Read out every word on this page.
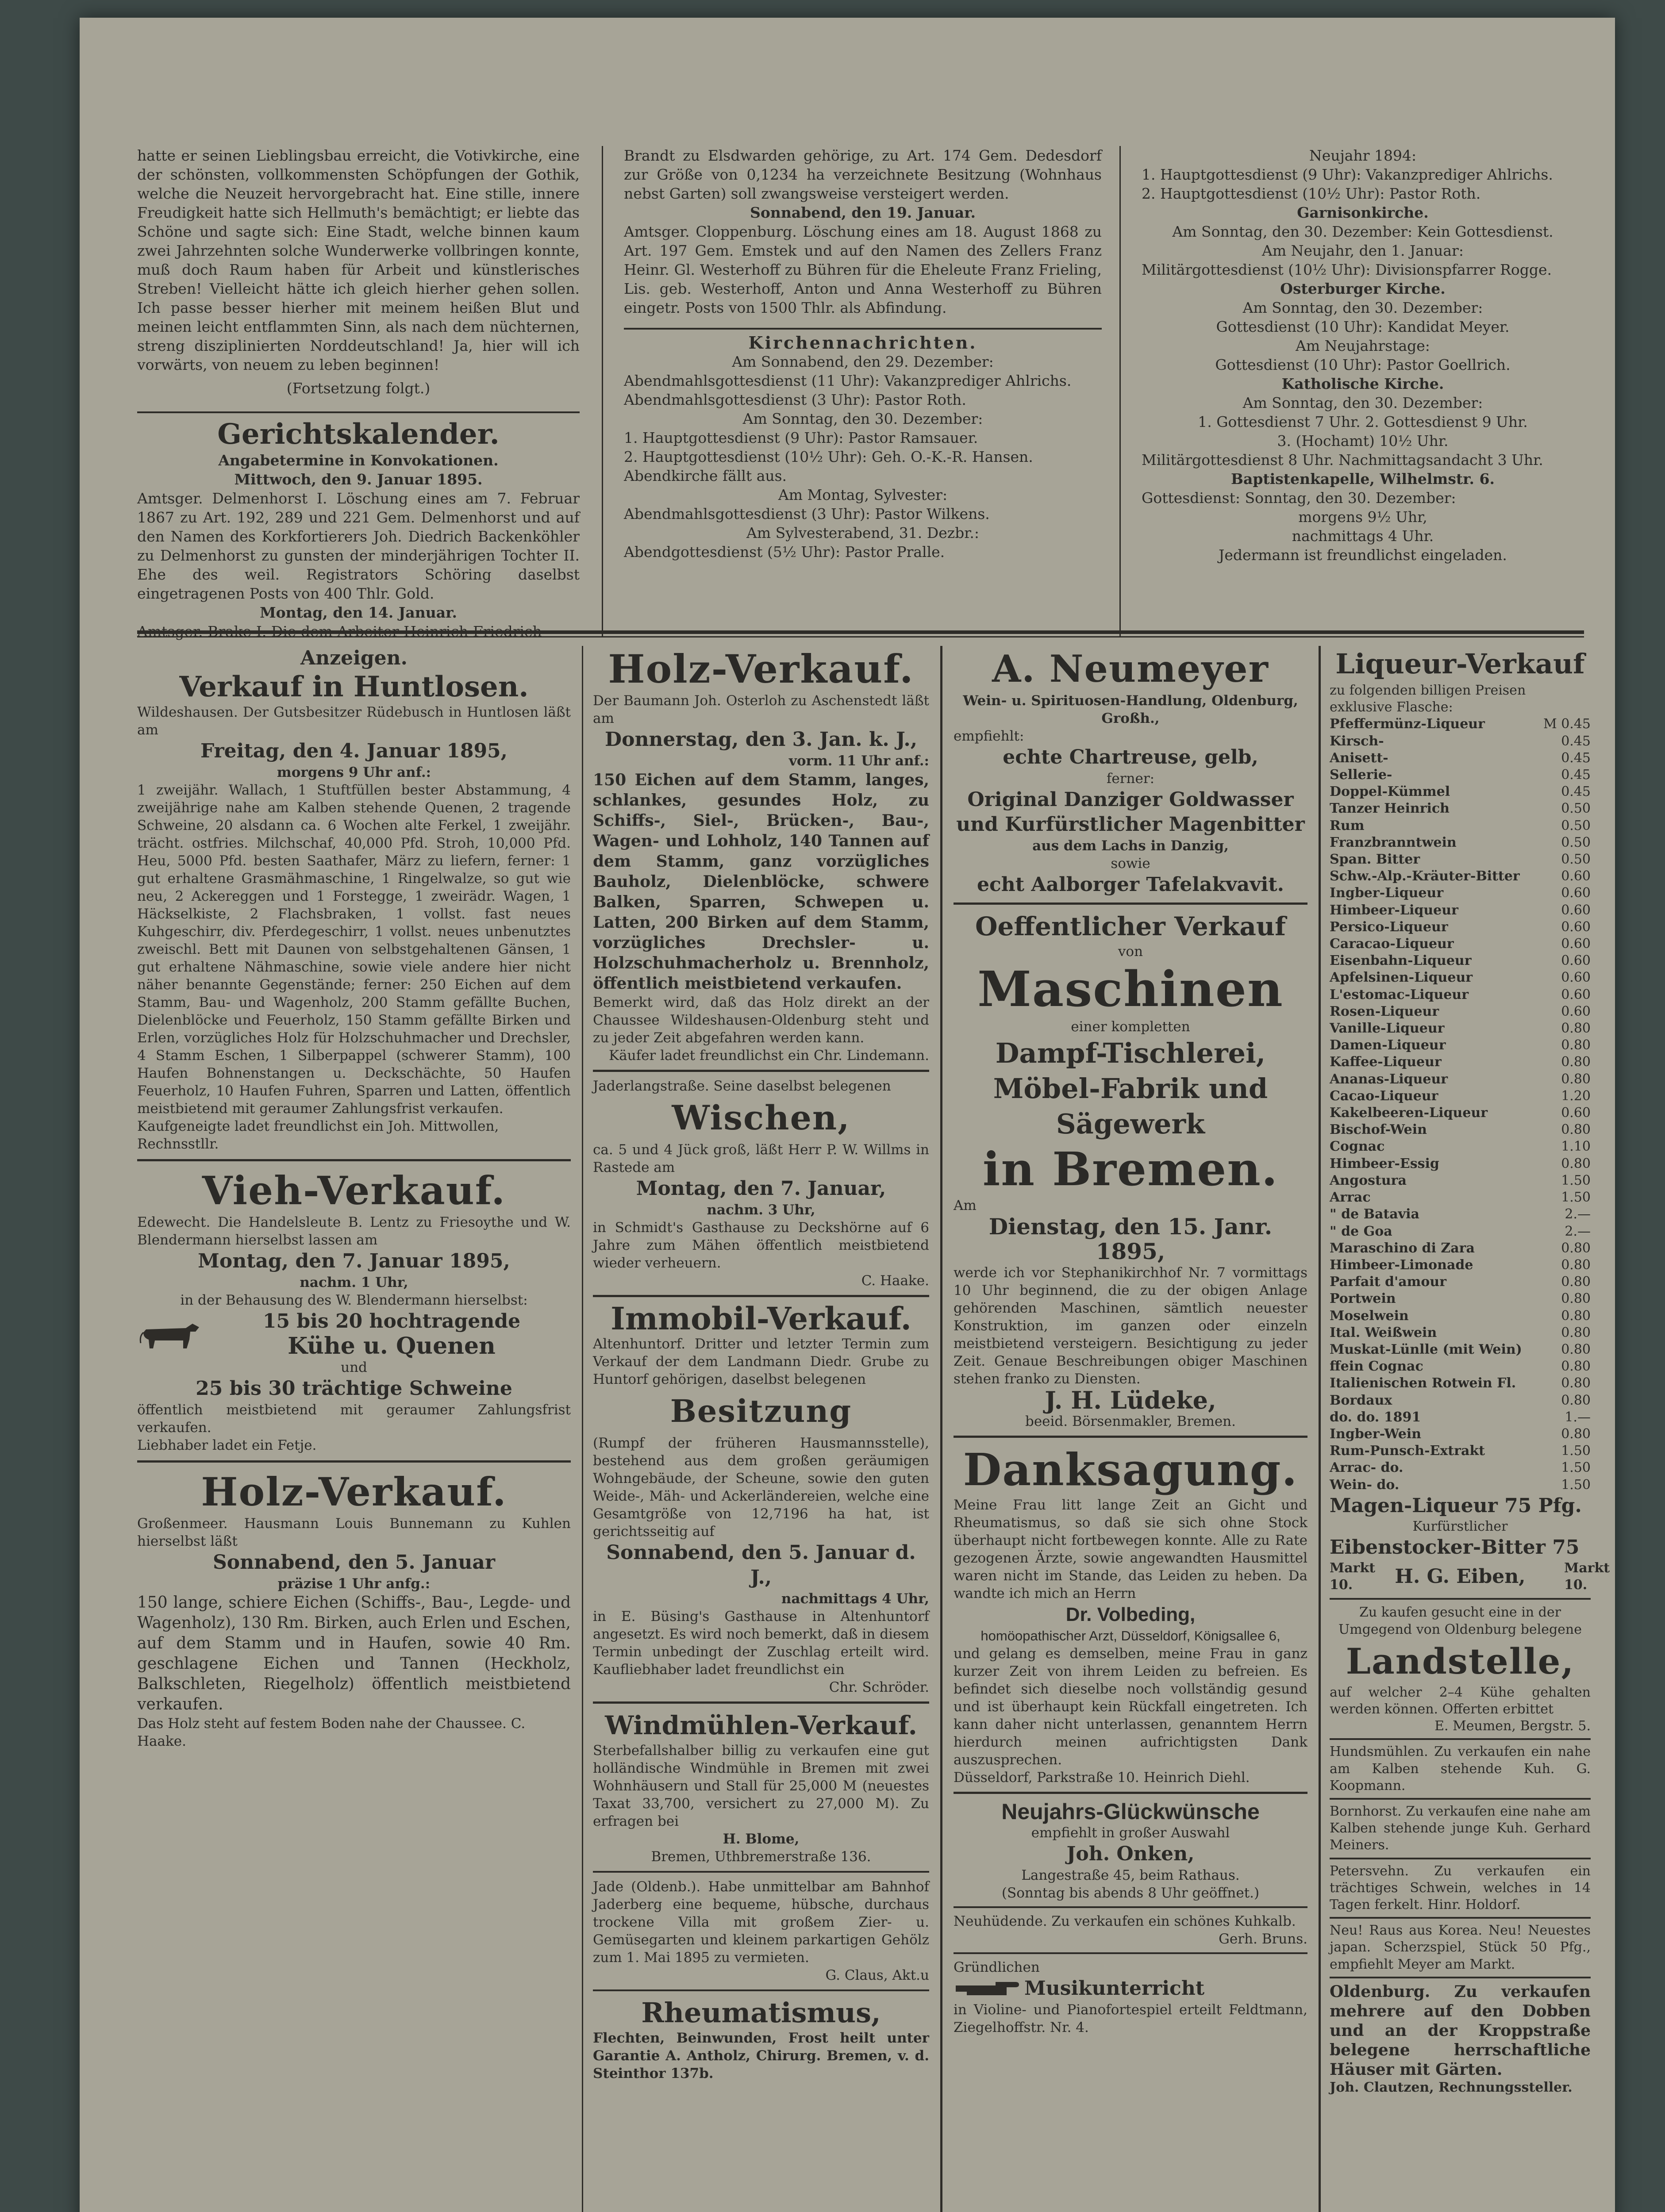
hatte er seinen Lieblingsbau erreicht, die Votivkirche, eine der schönsten, vollkommensten Schöpfungen der Gothik, welche die Neuzeit hervorgebracht hat. Eine stille, innere Freudigkeit hatte sich Hellmuth's bemächtigt; er liebte das Schöne und sagte sich: Eine Stadt, welche binnen kaum zwei Jahrzehnten solche Wunderwerke vollbringen konnte, muß doch Raum haben für Arbeit und künstlerisches Streben! Vielleicht hätte ich gleich hierher gehen sollen. Ich passe besser hierher mit meinem heißen Blut und meinen leicht entflammten Sinn, als nach dem nüchternen, streng disziplinierten Norddeutschland! Ja, hier will ich vorwärts, von neuem zu leben beginnen!

(Fortsetzung folgt.)

Gerichtskalender.

Angabetermine in Konvokationen.

Mittwoch, den 9. Januar 1895.

Amtsger. Delmenhorst I. Löschung eines am 7. Februar 1867 zu Art. 192, 289 und 221 Gem. Delmenhorst und auf den Namen des Korkfortierers Joh. Diedrich Backenköhler zu Delmenhorst zu gunsten der minderjährigen Tochter II. Ehe des weil. Registrators Schöring daselbst eingetragenen Posts von 400 Thlr. Gold.

Montag, den 14. Januar.

Brandt zu Elsdwarden gehörige, zu Art. 174 Gem. Dedesdorf zur Größe von 0,1234 ha verzeichnete Besitzung (Wohnhaus nebst Garten) soll zwangsweise versteigert werden.

Sonnabend, den 19. Januar.

Amtsger. Cloppenburg. Löschung eines am 18. August 1868 zu Art. 197 Gem. Emstek und auf den Namen des Zellers Franz Heinr. Gl. Westerhoff zu Bühren für die Eheleute Franz Frieling, Lis. geb. Westerhoff, Anton und Anna Westerhoff zu Bühren eingetr. Posts von 1500 Thlr. als Abfindung.

Kirchennachrichten.

Am Sonnabend, den 29. Dezember:

Abendmahlsgottesdienst (11 Uhr): Vakanzprediger Ahlrichs.

Abendmahlsgottesdienst (3 Uhr): Pastor Roth.

Am Sonntag, den 30. Dezember:

1. Hauptgottesdienst (9 Uhr): Pastor Ramsauer.

2. Hauptgottesdienst (10½ Uhr): Geh. O.-K.-R. Hansen.

Abendkirche fällt aus.

Am Montag, Sylvester:

Abendmahlsgottesdienst (3 Uhr): Pastor Wilkens.

Am Sylvesterabend, 31. Dezbr.:

Abendgottesdienst (5½ Uhr): Pastor Pralle.

Neujahr 1894:

1. Hauptgottesdienst (9 Uhr): Vakanzprediger Ahlrichs.

2. Hauptgottesdienst (10½ Uhr): Pastor Roth.

Garnisonkirche.

Am Sonntag, den 30. Dezember: Kein Gottesdienst.

Am Neujahr, den 1. Januar:

Militärgottesdienst (10½ Uhr): Divisionspfarrer Rogge.

Osterburger Kirche.

Am Sonntag, den 30. Dezember:

Gottesdienst (10 Uhr): Kandidat Meyer.

Am Neujahrstage:

Gottesdienst (10 Uhr): Pastor Goellrich.

Katholische Kirche.

Am Sonntag, den 30. Dezember:

1. Gottesdienst 7 Uhr. 2. Gottesdienst 9 Uhr.

3. (Hochamt) 10½ Uhr.

Militärgottesdienst 8 Uhr. Nachmittagsandacht 3 Uhr.

Baptistenkapelle, Wilhelmstr. 6.

Gottesdienst: Sonntag, den 30. Dezember:

morgens 9½ Uhr,

nachmittags 4 Uhr.

Jedermann ist freundlichst eingeladen.

Anzeigen.

Verkauf in Huntlosen.

Wildeshausen. Der Gutsbesitzer Rüdebusch in Huntlosen läßt am

Freitag, den 4. Januar 1895,

morgens 9 Uhr anf.:

1 zweijähr. Wallach, 1 Stuftfüllen bester Abstammung, 4 zweijährige nahe am Kalben stehende Quenen, 2 tragende Schweine, 20 alsdann ca. 6 Wochen alte Ferkel, 1 zweijähr. trächt. ostfries. Milchschaf, 40,000 Pfd. Stroh, 10,000 Pfd. Heu, 5000 Pfd. besten Saathafer, März zu liefern, ferner: 1 gut erhaltene Grasmähmaschine, 1 Ringelwalze, so gut wie neu, 2 Ackereggen und 1 Forstegge, 1 zweirädr. Wagen, 1 Häckselkiste, 2 Flachsbraken, 1 vollst. fast neues Kuhgeschirr, div. Pferdegeschirr, 1 vollst. neues unbenutztes zweischl. Bett mit Daunen von selbstgehaltenen Gänsen, 1 gut erhaltene Nähmaschine, sowie viele andere hier nicht näher benannte Gegenstände; ferner: 250 Eichen auf dem Stamm, Bau- und Wagenholz, 200 Stamm gefällte Buchen, Dielenblöcke und Feuerholz, 150 Stamm gefällte Birken und Erlen, vorzügliches Holz für Holzschuhmacher und Drechsler, 4 Stamm Eschen, 1 Silberpappel (schwerer Stamm), 100 Haufen Bohnenstangen u. Deckschächte, 50 Haufen Feuerholz, 10 Haufen Fuhren, Sparren und Latten, öffentlich meistbietend mit geraumer Zahlungsfrist verkaufen.

Kaufgeneigte ladet freundlichst ein Joh. Mittwollen, Rechnsstllr.

Vieh-Verkauf.

Edewecht. Die Handelsleute B. Lentz zu Friesoythe und W. Blendermann hierselbst lassen am

Montag, den 7. Januar 1895,

nachm. 1 Uhr,

in der Behausung des W. Blendermann hierselbst:

15 bis 20 hochtragende

Kühe u. Quenen

und

25 bis 30 trächtige Schweine

öffentlich meistbietend mit geraumer Zahlungsfrist verkaufen.

Liebhaber ladet ein Fetje.

Holz-Verkauf.

Großenmeer. Hausmann Louis Bunnemann zu Kuhlen hierselbst läßt

Sonnabend, den 5. Januar

präzise 1 Uhr anfg.:

150 lange, schiere Eichen (Schiffs-, Bau-, Legde- und Wagenholz), 130 Rm. Birken, auch Erlen und Eschen, auf dem Stamm und in Haufen, sowie 40 Rm. geschlagene Eichen und Tannen (Heckholz, Balkschleten, Riegelholz) öffentlich meistbietend verkaufen.

Das Holz steht auf festem Boden nahe der Chaussee. C. Haake.

Holz-Verkauf.

Der Baumann Joh. Osterloh zu Aschenstedt läßt am

Donnerstag, den 3. Jan. k. J.,

vorm. 11 Uhr anf.:

150 Eichen auf dem Stamm, langes, schlankes, gesundes Holz, zu Schiffs-, Siel-, Brücken-, Bau-, Wagen- und Lohholz, 140 Tannen auf dem Stamm, ganz vorzügliches Bauholz, Dielenblöcke, schwere Balken, Sparren, Schwepen u. Latten, 200 Birken auf dem Stamm, vorzügliches Drechsler- u. Holzschuhmacherholz u. Brennholz, öffentlich meistbietend verkaufen.

Bemerkt wird, daß das Holz direkt an der Chaussee Wildeshausen-Oldenburg steht und zu jeder Zeit abgefahren werden kann.

Käufer ladet freundlichst ein Chr. Lindemann.

Jaderlangstraße. Seine daselbst belegenen

Wischen,

ca. 5 und 4 Jück groß, läßt Herr P. W. Willms in Rastede am

Montag, den 7. Januar,

nachm. 3 Uhr,

in Schmidt's Gasthause zu Deckshörne auf 6 Jahre zum Mähen öffentlich meistbietend wieder verheuern.

C. Haake.

Immobil-Verkauf.

Altenhuntorf. Dritter und letzter Termin zum Verkauf der dem Landmann Diedr. Grube zu Huntorf gehörigen, daselbst belegenen

Besitzung

(Rumpf der früheren Hausmannsstelle), bestehend aus dem großen geräumigen Wohngebäude, der Scheune, sowie den guten Weide-, Mäh- und Ackerländereien, welche eine Gesamtgröße von 12,7196 ha hat, ist gerichtsseitig auf

Sonnabend, den 5. Januar d. J.,

nachmittags 4 Uhr,

in E. Büsing's Gasthause in Altenhuntorf angesetzt. Es wird noch bemerkt, daß in diesem Termin unbedingt der Zuschlag erteilt wird. Kaufliebhaber ladet freundlichst ein

Chr. Schröder.

Windmühlen-Verkauf.

Sterbefallshalber billig zu verkaufen eine gut holländische Windmühle in Bremen mit zwei Wohnhäusern und Stall für 25,000 M (neuestes Taxat 33,700, versichert zu 27,000 M). Zu erfragen bei

H. Blome,

Bremen, Uthbremerstraße 136.

Jade (Oldenb.). Habe unmittelbar am Bahnhof Jaderberg eine bequeme, hübsche, durchaus trockene Villa mit großem Zier- u. Gemüsegarten und kleinem parkartigen Gehölz zum 1. Mai 1895 zu vermieten.

G. Claus, Akt.u

Rheumatismus,

Flechten, Beinwunden, Frost heilt unter Garantie A. Antholz, Chirurg. Bremen, v. d. Steinthor 137b.

A. Neumeyer

Wein- u. Spirituosen-Handlung, Oldenburg, Großh.,

empfiehlt:

echte Chartreuse, gelb,

ferner:

Original Danziger Goldwasser und Kurfürstlicher Magenbitter

aus dem Lachs in Danzig,

sowie

echt Aalborger Tafelakvavit.

Oeffentlicher Verkauf

von

Maschinen

einer kompletten

Dampf-Tischlerei, Möbel-Fabrik und Sägewerk

in Bremen.

Am

Dienstag, den 15. Janr. 1895,

werde ich vor Stephanikirchhof Nr. 7 vormittags 10 Uhr beginnend, die zu der obigen Anlage gehörenden Maschinen, sämtlich neuester Konstruktion, im ganzen oder einzeln meistbietend versteigern. Besichtigung zu jeder Zeit. Genaue Beschreibungen obiger Maschinen stehen franko zu Diensten.

J. H. Lüdeke,

beeid. Börsenmakler, Bremen.

Danksagung.

Meine Frau litt lange Zeit an Gicht und Rheumatismus, so daß sie sich ohne Stock überhaupt nicht fortbewegen konnte. Alle zu Rate gezogenen Ärzte, sowie angewandten Hausmittel waren nicht im Stande, das Leiden zu heben. Da wandte ich mich an Herrn

Dr. Volbeding,

homöopathischer Arzt, Düsseldorf, Königsallee 6,

und gelang es demselben, meine Frau in ganz kurzer Zeit von ihrem Leiden zu befreien. Es befindet sich dieselbe noch vollständig gesund und ist überhaupt kein Rückfall eingetreten. Ich kann daher nicht unterlassen, genanntem Herrn hierdurch meinen aufrichtigsten Dank auszusprechen.

Düsseldorf, Parkstraße 10. Heinrich Diehl.

Neujahrs-Glückwünsche

empfiehlt in großer Auswahl

Joh. Onken,

Langestraße 45, beim Rathaus.

(Sonntag bis abends 8 Uhr geöffnet.)

Neuhüdende. Zu verkaufen ein schönes Kuhkalb.

Gerh. Bruns.

Gründlichen

Musikunterricht

in Violine- und Pianofortespiel erteilt Feldtmann, Ziegelhoffstr. Nr. 4.

Liqueur-Verkauf

zu folgenden billigen Preisen exklusive Flasche:

Pfeffermünz-Liqueur	M 0.45
Kirsch-	0.45
Anisett-	0.45
Sellerie-	0.45
Doppel-Kümmel	0.45
Tanzer Heinrich	0.50
Rum	0.50
Franzbranntwein	0.50
Span. Bitter	0.50
Schw.-Alp.-Kräuter-Bitter	0.60
Ingber-Liqueur	0.60
Himbeer-Liqueur	0.60
Persico-Liqueur	0.60
Caracao-Liqueur	0.60
Eisenbahn-Liqueur	0.60
Apfelsinen-Liqueur	0.60
L'estomac-Liqueur	0.60
Rosen-Liqueur	0.60
Vanille-Liqueur	0.80
Damen-Liqueur	0.80
Kaffee-Liqueur	0.80
Ananas-Liqueur	0.80
Cacao-Liqueur	1.20
Kakelbeeren-Liqueur	0.60
Bischof-Wein	0.80
Cognac	1.10
Himbeer-Essig	0.80
Angostura	1.50
Arrac	1.50
" de Batavia	2.—
" de Goa	2.—
Maraschino di Zara	0.80
Himbeer-Limonade	0.80
Parfait d'amour	0.80
Portwein	0.80
Moselwein	0.80
Ital. Weißwein	0.80
Muskat-Lünlle (mit Wein)	0.80
ffein Cognac	0.80
Italienischen Rotwein Fl.	0.80
Bordaux	0.80
do. do. 1891	1.—
Ingber-Wein	0.80
Rum-Punsch-Extrakt	1.50
Arrac- do.	1.50
Wein- do.	1.50

Magen-Liqueur 75 Pfg.

Kurfürstlicher

Eibenstocker-Bitter 75

Markt 10. H. G. Eiben,	Markt 10.

Zu kaufen gesucht eine in der Umgegend von Oldenburg belegene

Landstelle,

auf welcher 2–4 Kühe gehalten werden können. Offerten erbittet

E. Meumen, Bergstr. 5.

Hundsmühlen. Zu verkaufen ein nahe am Kalben stehende Kuh. G. Koopmann.

Bornhorst. Zu verkaufen eine nahe am Kalben stehende junge Kuh. Gerhard Meiners.

Petersvehn. Zu verkaufen ein trächtiges Schwein, welches in 14 Tagen ferkelt. Hinr. Holdorf.

Neu! Raus aus Korea. Neu! Neuestes japan. Scherzspiel, Stück 50 Pfg., empfiehlt Meyer am Markt.

Oldenburg. Zu verkaufen mehrere auf den Dobben und an der Kroppstraße belegene herrschaftliche Häuser mit Gärten.

Joh. Clautzen, Rechnungssteller.
